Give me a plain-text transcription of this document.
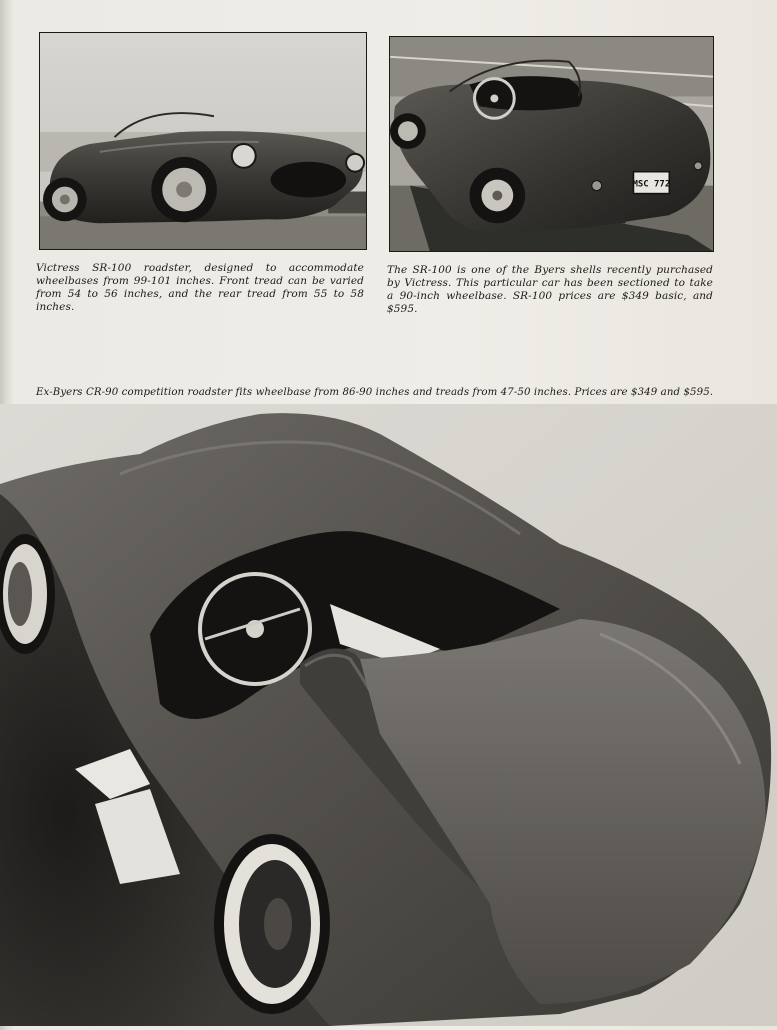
MSC 772

Victress SR-100 roadster, designed to accommodate wheelbases from 99-101 inches. Front tread can be varied from 54 to 56 inches, and the rear tread from 55 to 58 inches.

The SR-100 is one of the Byers shells recently purchased by Victress. This particular car has been sectioned to take a 90-inch wheelbase. SR-100 prices are $349 basic, and $595.

Ex-Byers CR-90 competition roadster fits wheelbase from 86-90 inches and treads from 47-50 inches. Prices are $349 and $595.
